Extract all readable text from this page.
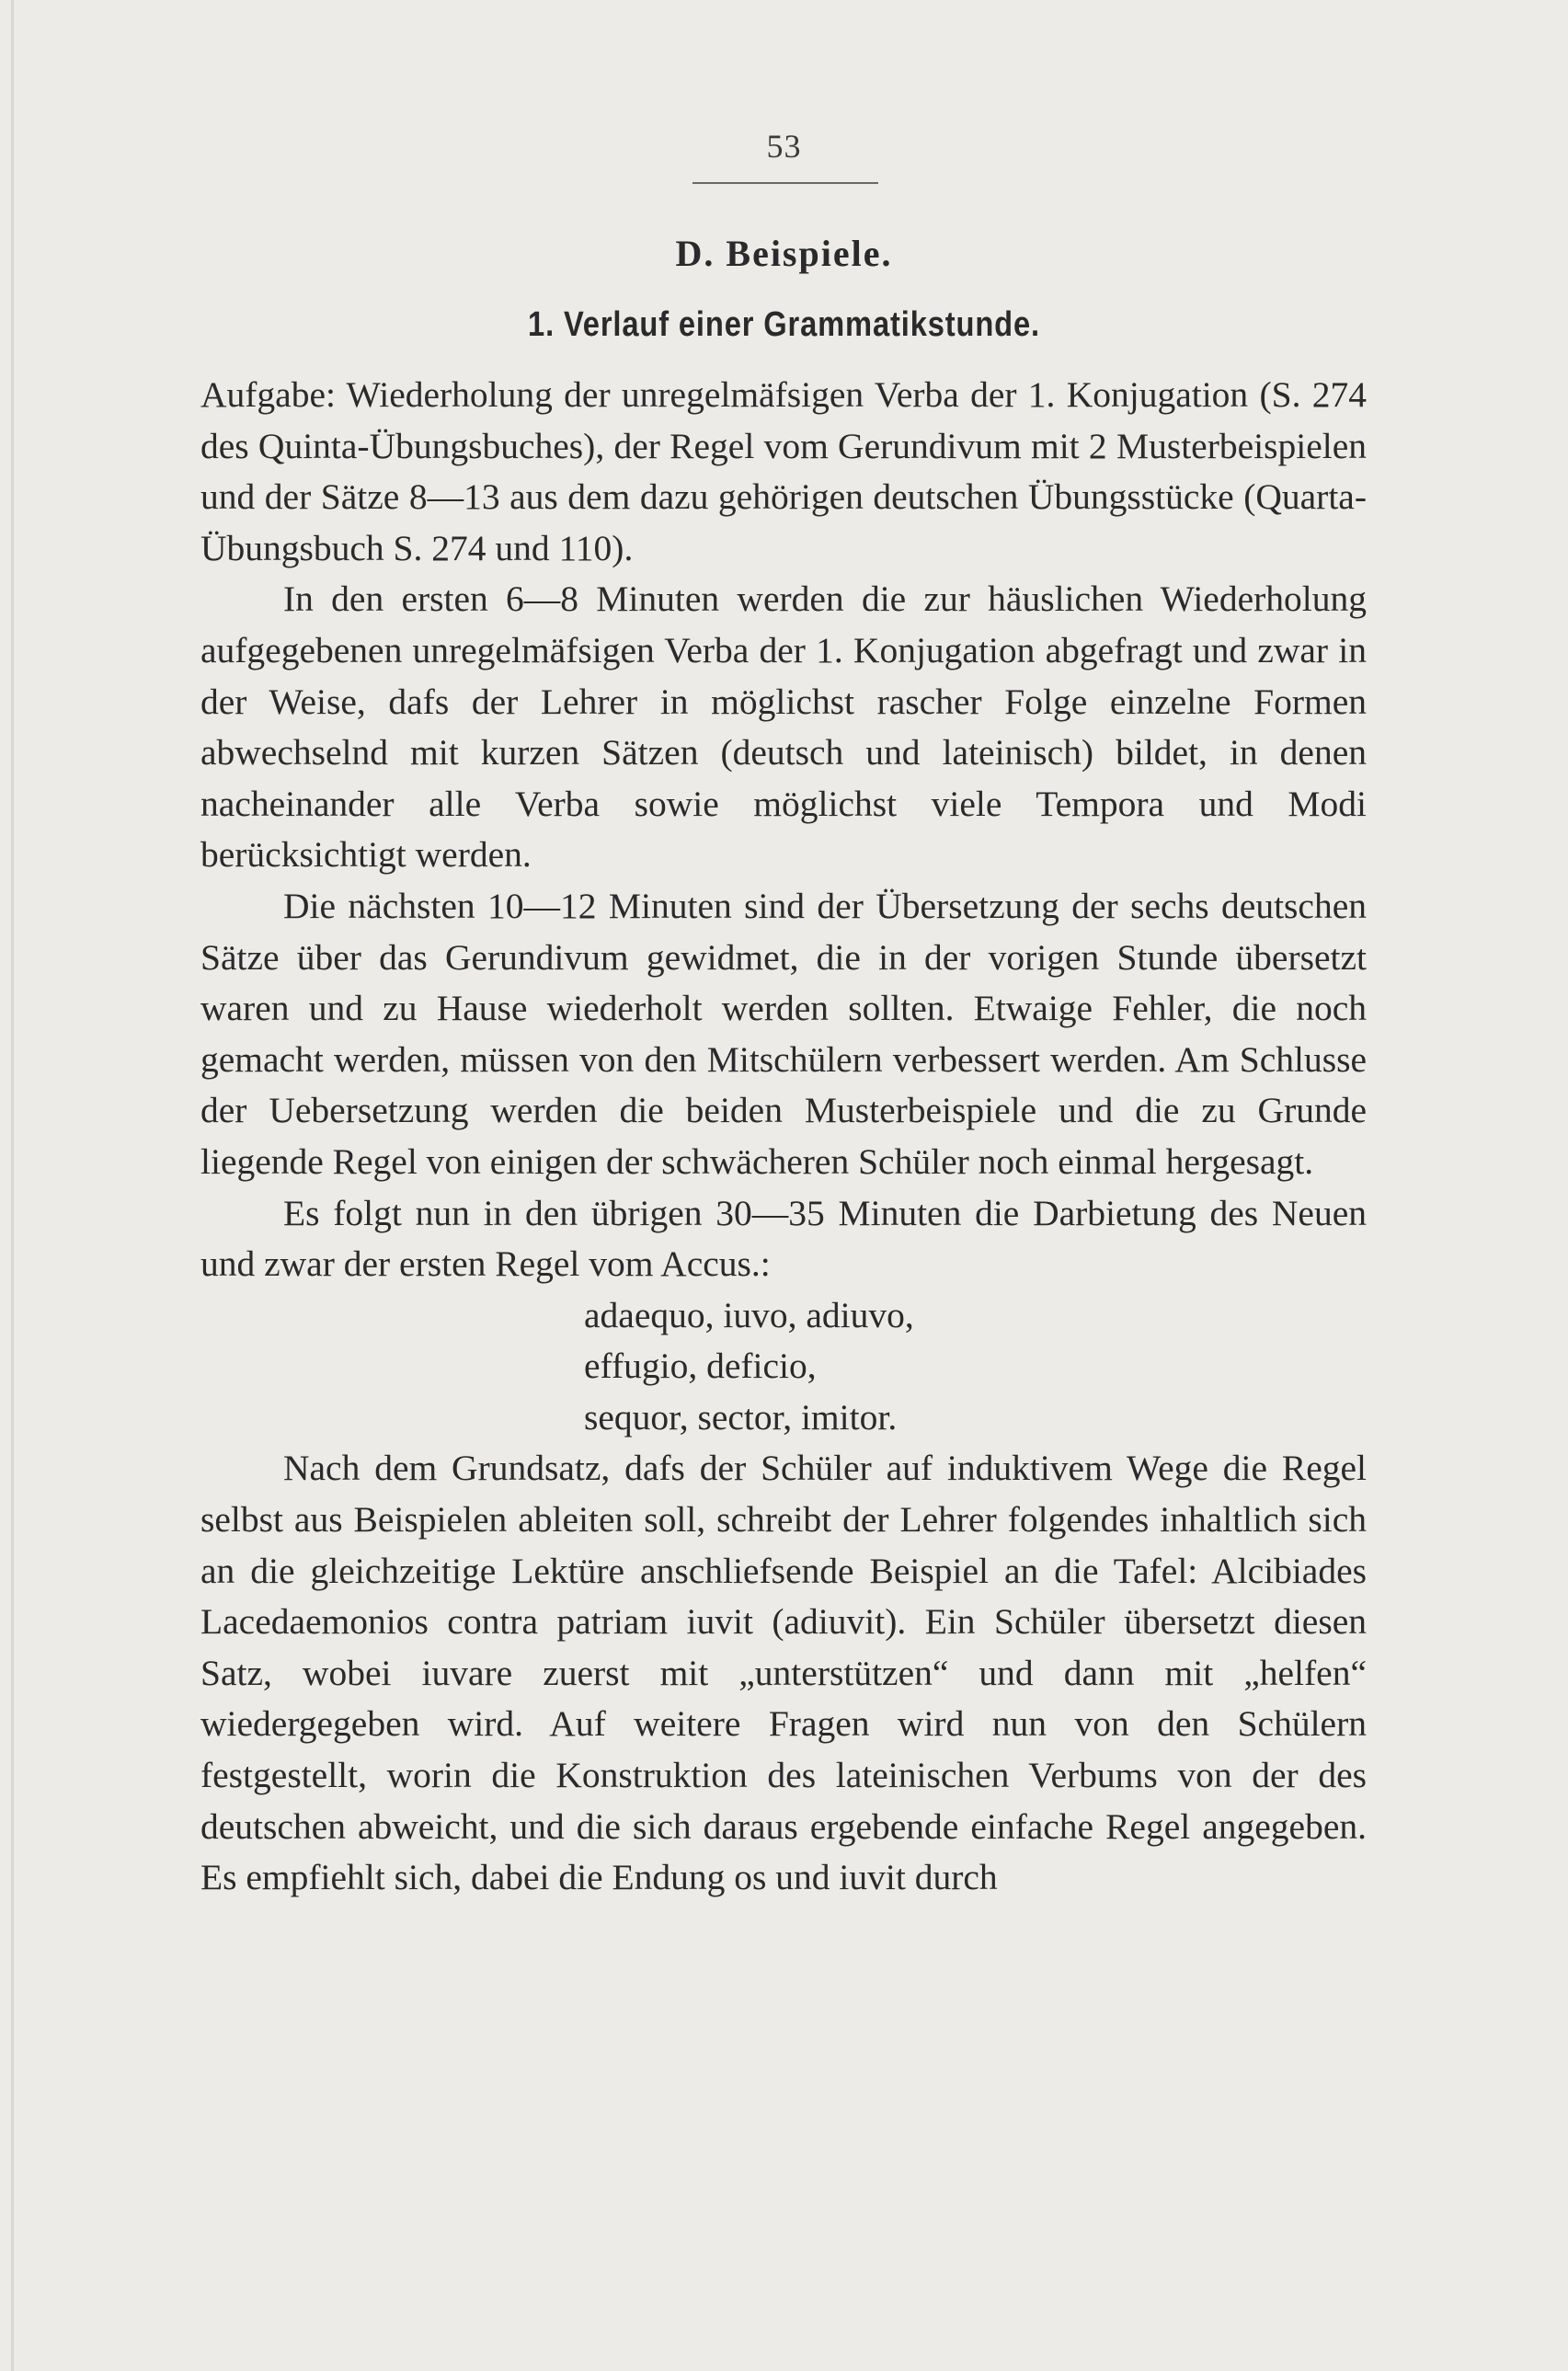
53
D. Beispiele.
1. Verlauf einer Grammatikstunde.

Aufgabe: Wiederholung der unregelmäfsigen Verba der 1. Konjugation (S. 274 des Quinta-Übungsbuches), der Regel vom Gerundivum mit 2 Musterbeispielen und der Sätze 8—13 aus dem dazu gehörigen deutschen Übungsstücke (Quarta-Übungsbuch S. 274 und 110).

In den ersten 6—8 Minuten werden die zur häuslichen Wiederholung aufgegebenen unregelmäfsigen Verba der 1. Konjugation abgefragt und zwar in der Weise, dafs der Lehrer in möglichst rascher Folge einzelne Formen abwechselnd mit kurzen Sätzen (deutsch und lateinisch) bildet, in denen nacheinander alle Verba sowie möglichst viele Tempora und Modi berücksichtigt werden.

Die nächsten 10—12 Minuten sind der Übersetzung der sechs deutschen Sätze über das Gerundivum gewidmet, die in der vorigen Stunde übersetzt waren und zu Hause wiederholt werden sollten. Etwaige Fehler, die noch gemacht werden, müssen von den Mitschülern verbessert werden. Am Schlusse der Uebersetzung werden die beiden Musterbeispiele und die zu Grunde liegende Regel von einigen der schwächeren Schüler noch einmal hergesagt.

Es folgt nun in den übrigen 30—35 Minuten die Darbietung des Neuen und zwar der ersten Regel vom Accus.:

adaequo, iuvo, adiuvo,
effugio, deficio,
sequor, sector, imitor.

Nach dem Grundsatz, dafs der Schüler auf induktivem Wege die Regel selbst aus Beispielen ableiten soll, schreibt der Lehrer folgendes inhaltlich sich an die gleichzeitige Lektüre anschliefsende Beispiel an die Tafel: Alcibiades Lacedaemonios contra patriam iuvit (adiuvit). Ein Schüler übersetzt diesen Satz, wobei iuvare zuerst mit „unterstützen“ und dann mit „helfen“ wiedergegeben wird. Auf weitere Fragen wird nun von den Schülern festgestellt, worin die Konstruktion des lateinischen Verbums von der des deutschen abweicht, und die sich daraus ergebende einfache Regel angegeben. Es empfiehlt sich, dabei die Endung os und iuvit durch
